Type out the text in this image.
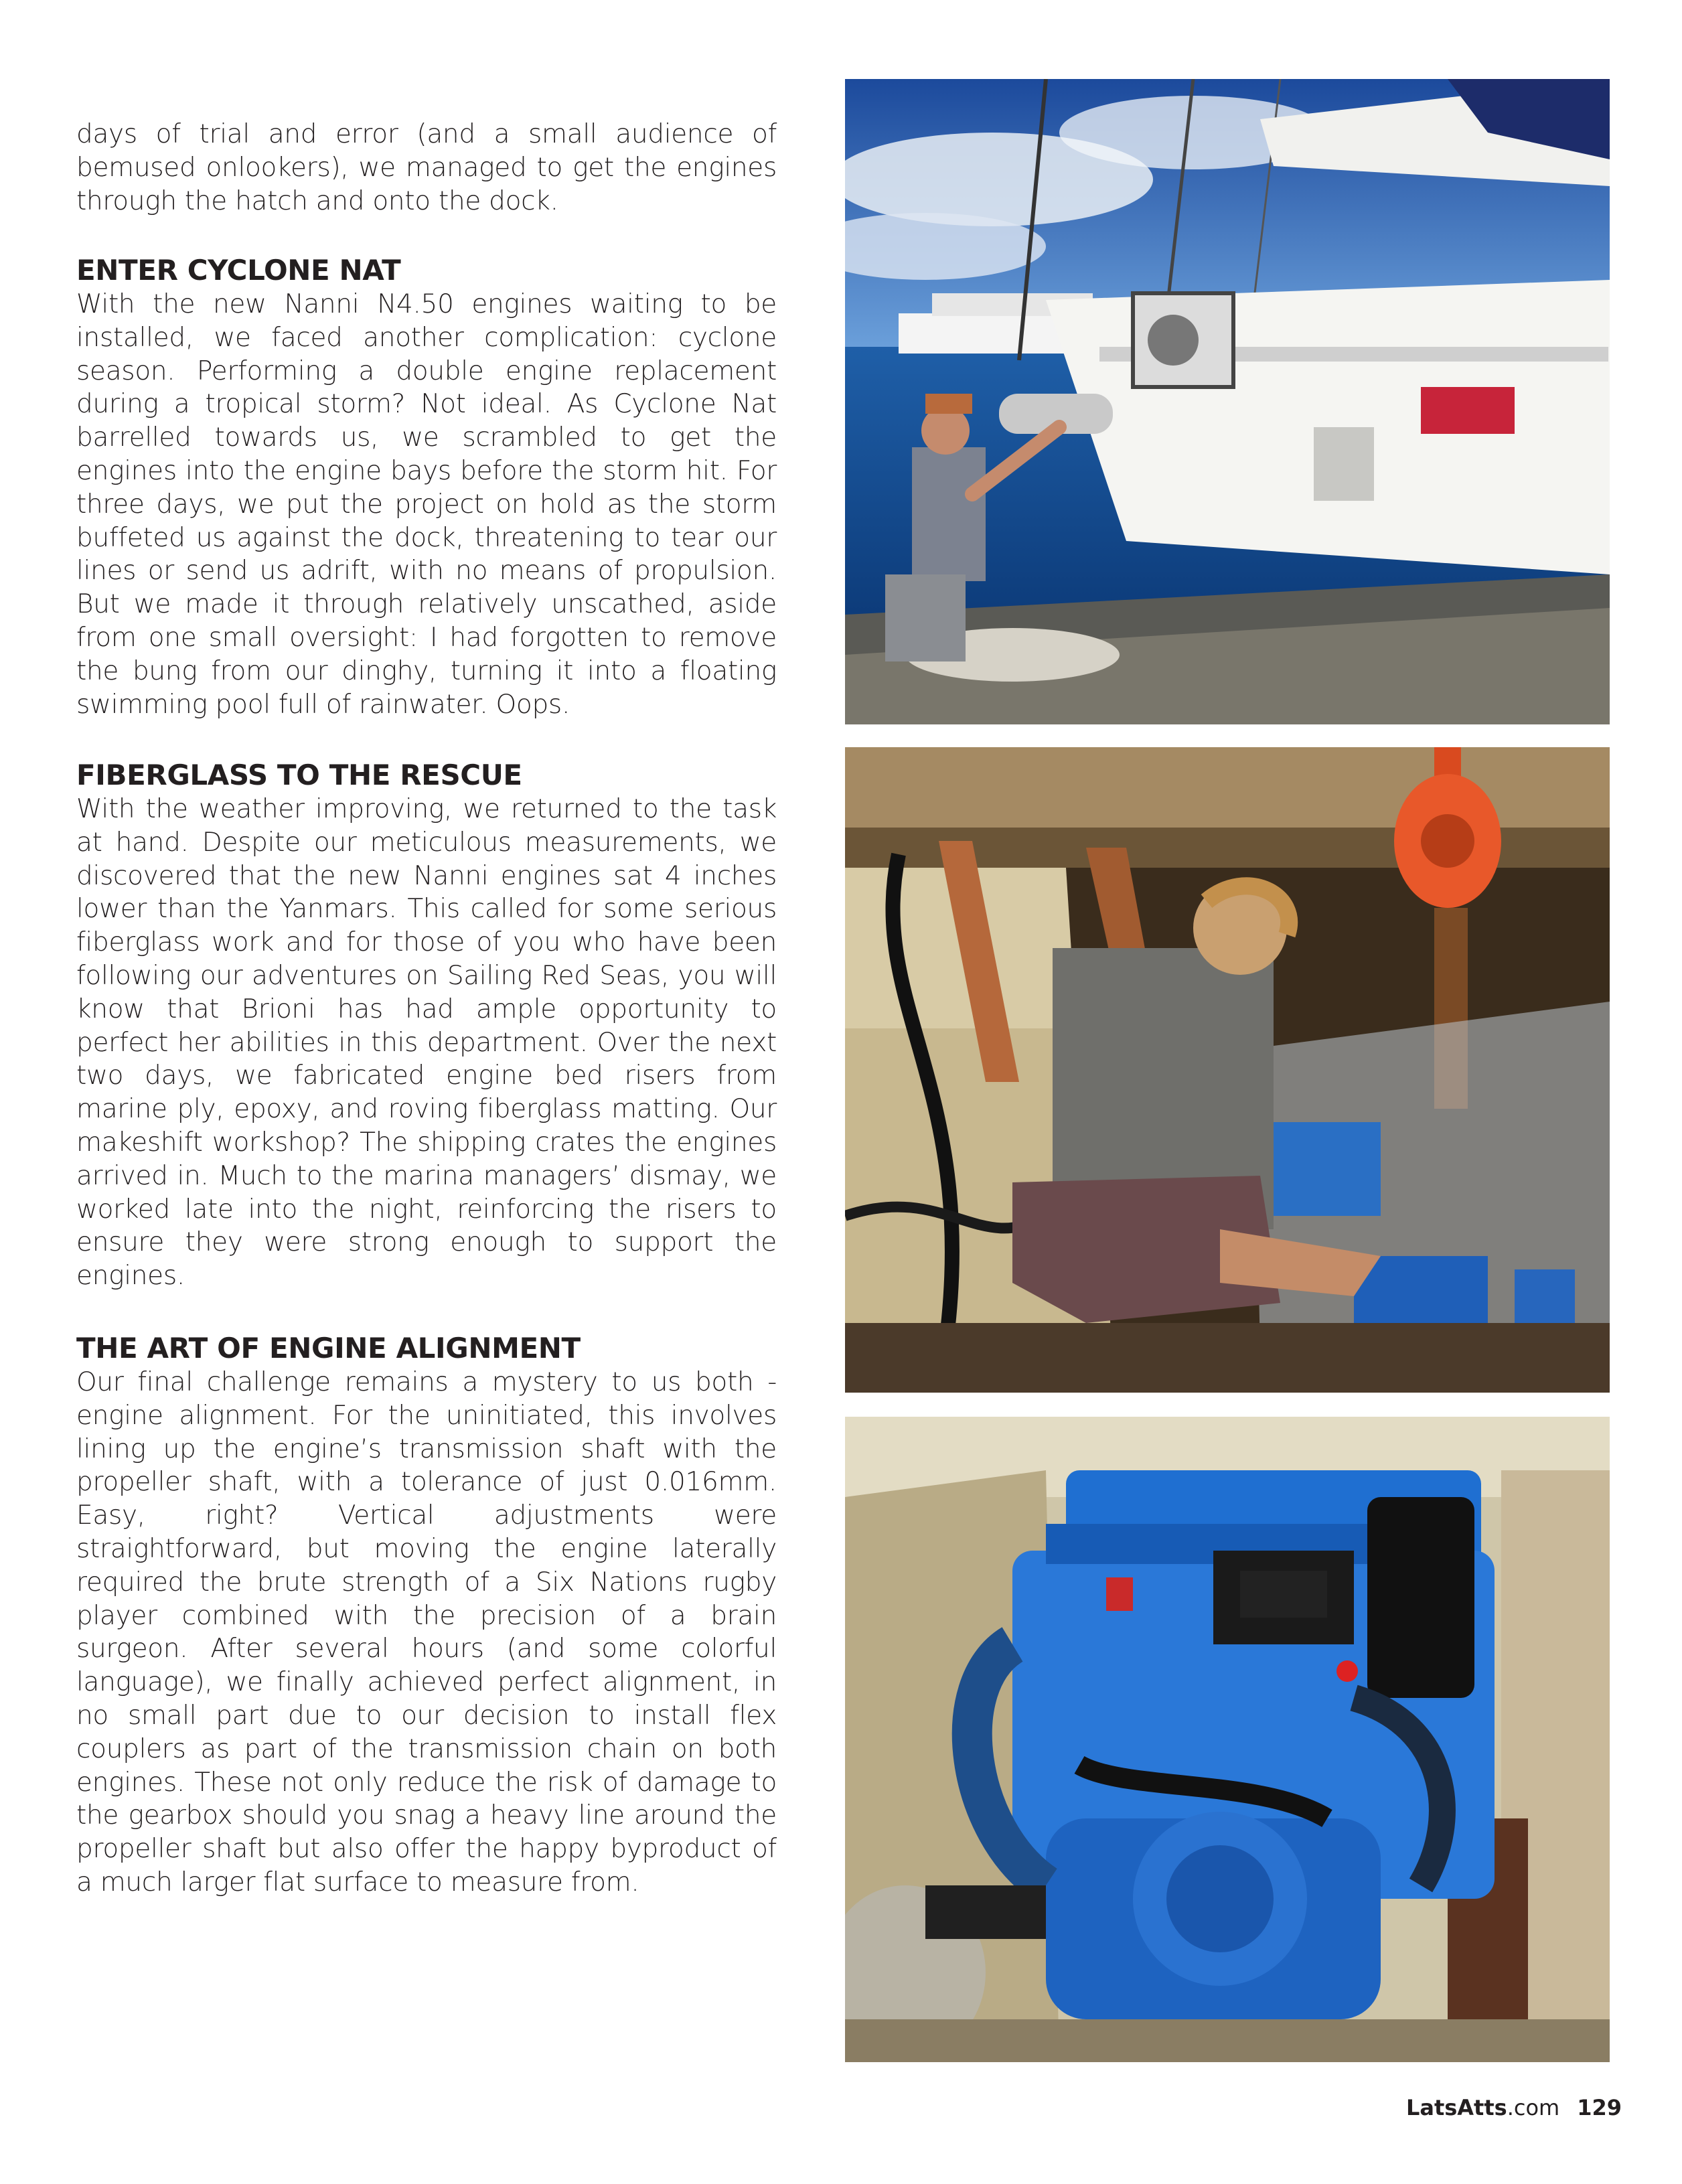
days of trial and error (and a small audience of bemused onlookers), we managed to get the engines through the hatch and onto the dock.

ENTER CYCLONE NAT

With the new Nanni N4.50 engines waiting to be installed, we faced another complication: cyclone season. Performing a double engine replacement during a tropical storm? Not ideal. As Cyclone Nat barrelled towards us, we scrambled to get the engines into the engine bays before the storm hit. For three days, we put the project on hold as the storm buffeted us against the dock, threatening to tear our lines or send us adrift, with no means of propulsion. But we made it through relatively unscathed, aside from one small oversight: I had forgotten to remove the bung from our dinghy, turning it into a floating swimming pool full of rainwater. Oops.

FIBERGLASS TO THE RESCUE

With the weather improving, we returned to the task at hand. Despite our meticulous measurements, we discovered that the new Nanni engines sat 4 inches lower than the Yanmars. This called for some serious fiberglass work and for those of you who have been following our adventures on Sailing Red Seas, you will know that Brioni has had ample opportunity to perfect her abilities in this department. Over the next two days, we fabricated engine bed risers from marine ply, epoxy, and roving fiberglass matting. Our makeshift workshop? The shipping crates the engines arrived in. Much to the marina managers’ dismay, we worked late into the night, reinforcing the risers to ensure they were strong enough to support the engines.

THE ART OF ENGINE ALIGNMENT

Our final challenge remains a mystery to us both - engine alignment. For the uninitiated, this involves lining up the engine’s transmission shaft with the propeller shaft, with a tolerance of just 0.016mm. Easy, right? Vertical adjustments were straightforward, but moving the engine laterally required the brute strength of a Six Nations rugby player combined with the precision of a brain surgeon. After several hours (and some colorful language), we finally achieved perfect alignment, in no small part due to our decision to install flex couplers as part of the transmission chain on both engines. These not only reduce the risk of damage to the gearbox should you snag a heavy line around the propeller shaft but also offer the happy byproduct of a much larger flat surface to measure from.

LatsAtts.com 129
